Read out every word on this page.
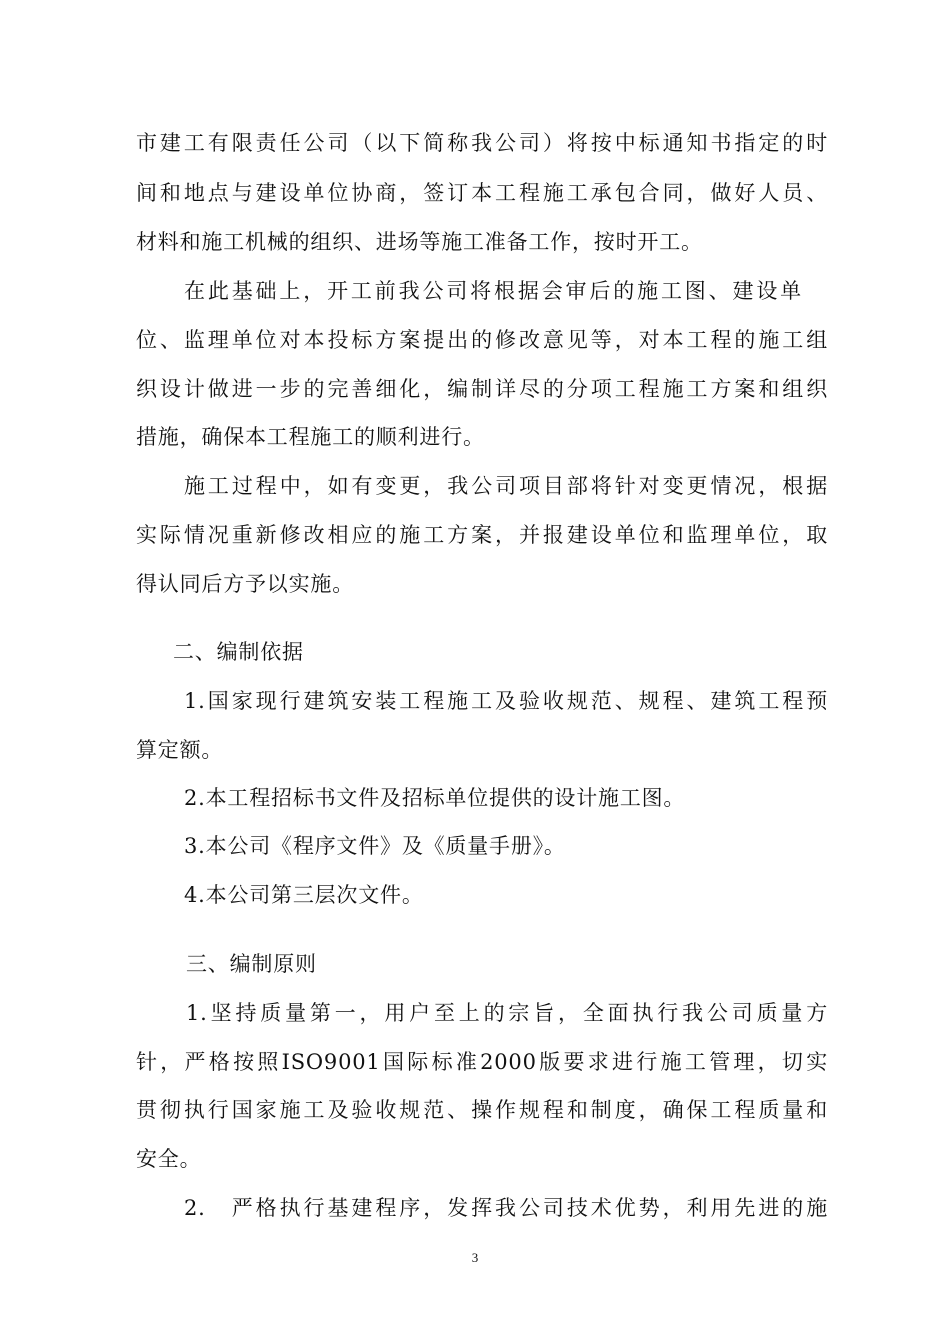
市建工有限责任公司（以下简称我公司）将按中标通知书指定的时
间和地点与建设单位协商，签订本工程施工承包合同，做好人员、
材料和施工机械的组织、进场等施工准备工作，按时开工。
在此基础上，开工前我公司将根据会审后的施工图、建设单
位、监理单位对本投标方案提出的修改意见等，对本工程的施工组
织设计做进一步的完善细化，编制详尽的分项工程施工方案和组织
措施，确保本工程施工的顺利进行。
施工过程中，如有变更，我公司项目部将针对变更情况，根据
实际情况重新修改相应的施工方案，并报建设单位和监理单位，取
得认同后方予以实施。
二、编制依据
1.国家现行建筑安装工程施工及验收规范、规程、建筑工程预
算定额。
2.本工程招标书文件及招标单位提供的设计施工图。
3.本公司《程序文件》及《质量手册》。
4.本公司第三层次文件。
三、编制原则
1.坚持质量第一，用户至上的宗旨，全面执行我公司质量方
针，严格按照ISO9001国际标准2000版要求进行施工管理，切实
贯彻执行国家施工及验收规范、操作规程和制度，确保工程质量和
安全。
2.　严格执行基建程序，发挥我公司技术优势，利用先进的施
3
